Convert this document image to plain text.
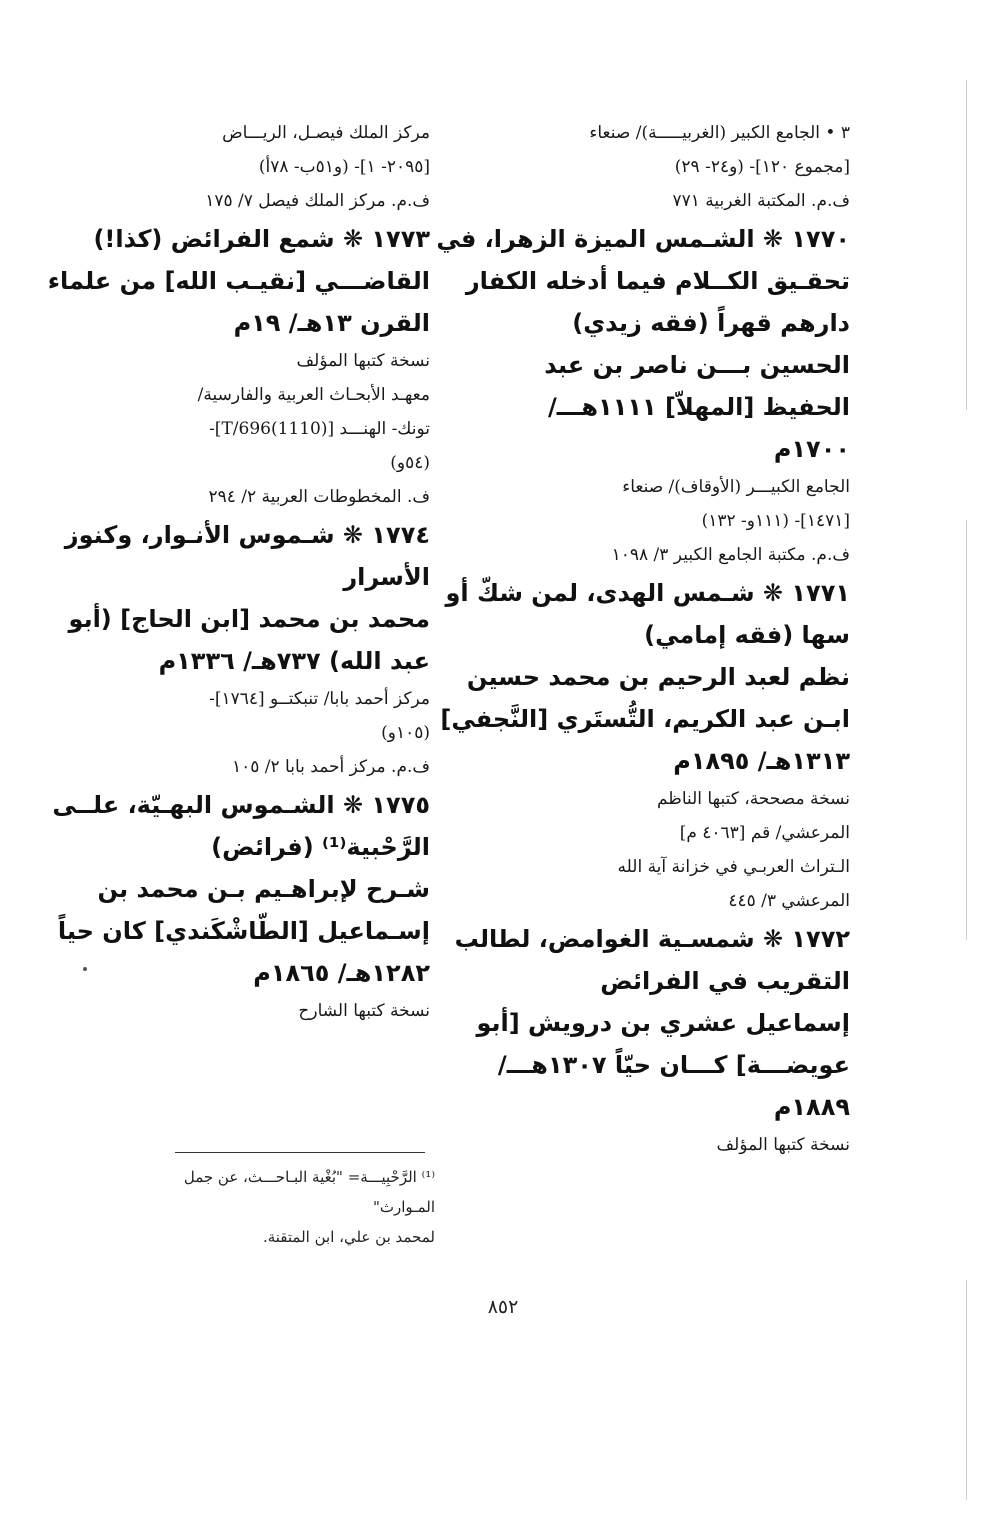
٣ • الجامع الكبير (الغربيـــــة)/ صنعاء
[مجموع ١٢٠]- (و٢٤- ٢٩)
ف.م. المكتبة الغربية ٧٧١
١٧٧٠ ❋ الشـمس الميزة الزهرا، في
تحقـيق الكــلام فيما أدخله الكفار
دارهم قهراً (فقه زيدي)
الحسين بـــن ناصر بن عبد
الحفيظ [المهلاّ] ١١١١هـــ/
١٧٠٠م
الجامع الكبيـــر (الأوقاف)/ صنعاء
[١٤٧١]- (١١١و- ١٣٢)
ف.م. مكتبة الجامع الكبير ٣/ ١٠٩٨
١٧٧١ ❋ شـمس الهدى، لمن شكّ أو
سها (فقه إمامي)
نظم لعبد الرحيم بن محمد حسين
ابـن عبد الكريم، التُّستَري [النَّجفي]
١٣١٣هـ/ ١٨٩٥م
نسخة مصححة، كتبها الناظم
المرعشي/ قم [٤٠٦٣ م]
الـتراث العربـي في خزانة آية الله
المرعشي ٣/ ٤٤٥
١٧٧٢ ❋ شمسـية الغوامض، لطالب
التقريب في الفرائض
إسماعيل عشري بن درويش [أبو
عويضـــة] كـــان حيّاً ١٣٠٧هـــ/
١٨٨٩م
نسخة كتبها المؤلف
مركز الملك فيصـل، الريـــاض
[٢٠٩٥- ١]- (و٥١ب- ٧٨أ)
ف.م. مركز الملك فيصل ٧/ ١٧٥
١٧٧٣ ❋ شمع الفرائض (كذا!)
القاضـــي [نقيـب الله] من علماء
القرن ١٣هـ/ ١٩م
نسخة كتبها المؤلف
معهـد الأبحـاث العربية والفارسية/
تونك- الهنـــد [(1110)T/696]-
(٥٤و)
ف. المخطوطات العربية ٢/ ٢٩٤
١٧٧٤ ❋ شـموس الأنـوار، وكنوز
الأسرار
محمد بن محمد [ابن الحاج] (أبو
عبد الله) ٧٣٧هـ/ ١٣٣٦م
مركز أحمد بابا/ تنبكتــو [١٧٦٤]-
(١٠٥و)
ف.م. مركز أحمد بابا ٢/ ١٠٥
١٧٧٥ ❋ الشـموس البهـيّة، علــى
الرَّحْبية⁽¹⁾ (فرائض)
شـرح لإبراهـيم بـن محمد بن
إسـماعيل [الطّاشْكَندي] كان حياً
١٢٨٢هـ/ ١٨٦٥م
نسخة كتبها الشارح
⁽¹⁾ الرَّحْبِيـــة= "بُغْية البـاحـــث، عن جمل المـوارث"
لمحمد بن علي، ابن المتقنة.
٨٥٢
